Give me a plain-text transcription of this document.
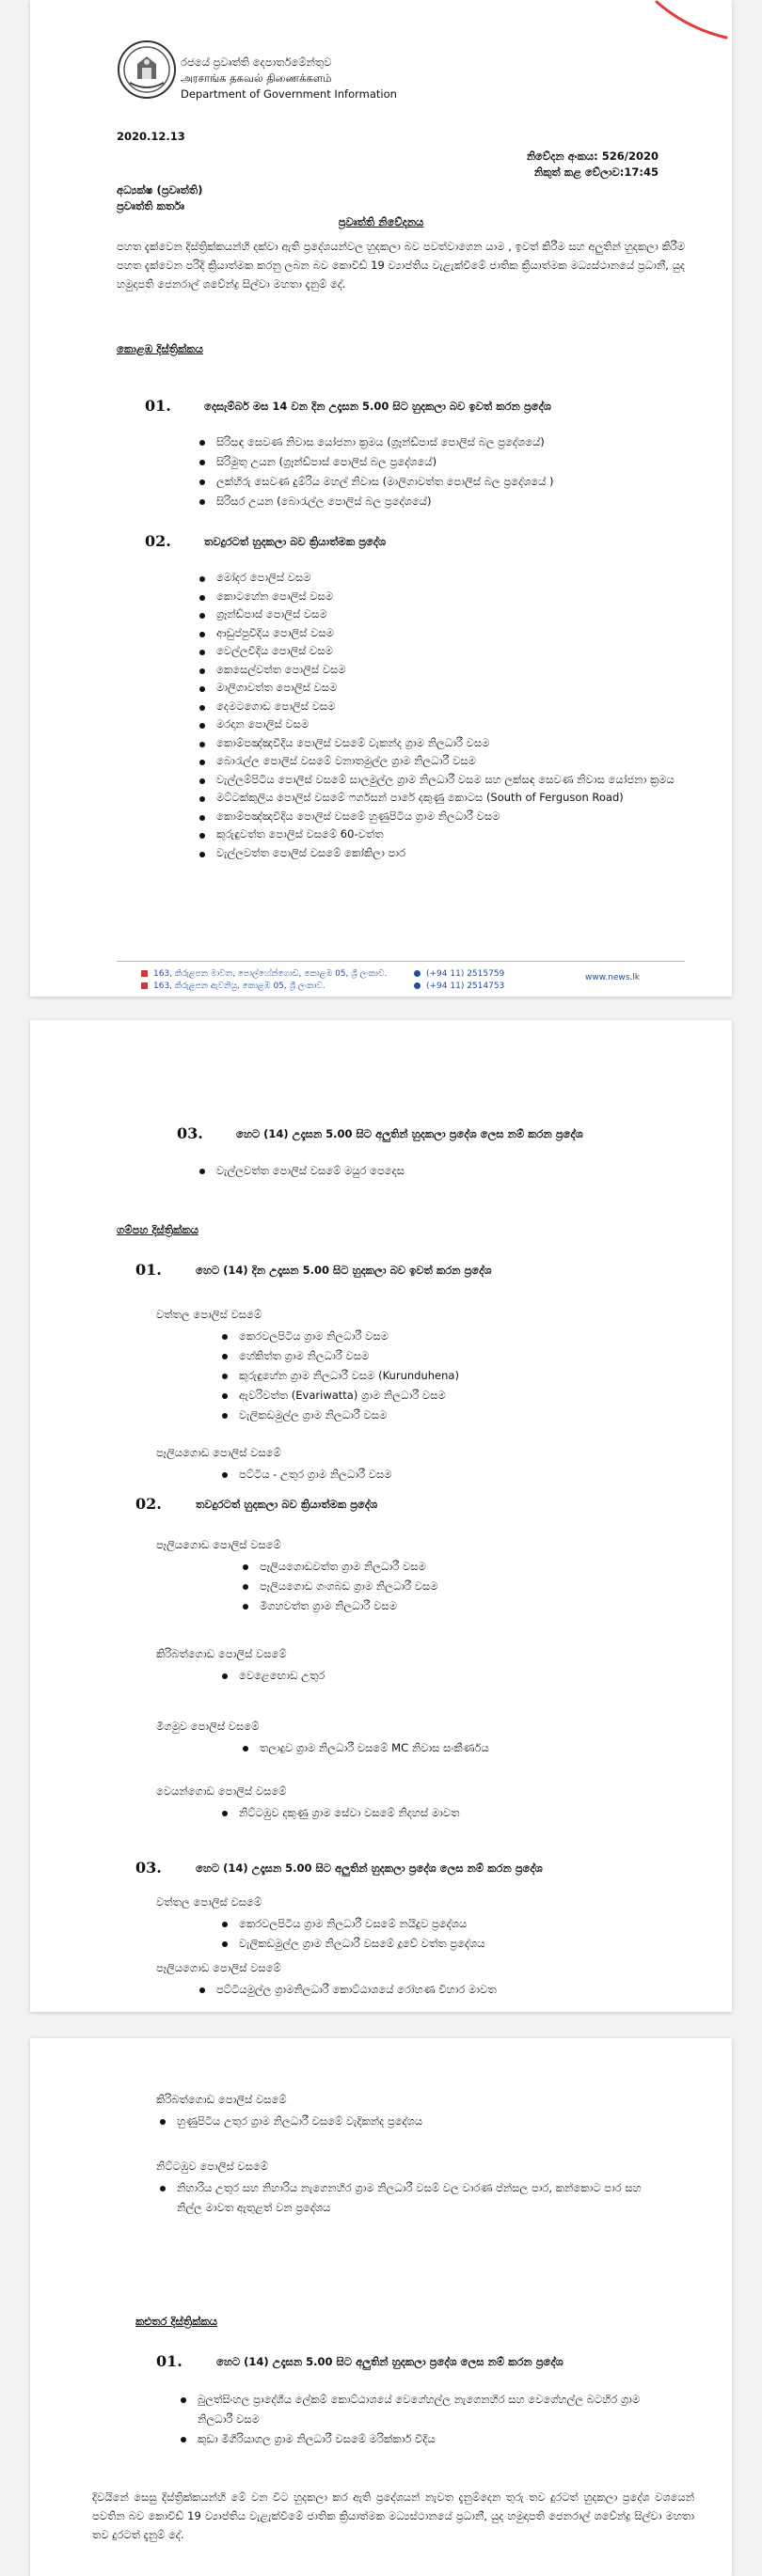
රජයේ ප්‍රවෘත්ති දෙපාර්තමේන්තුව
அரசாங்க தகவல் திணைக்களம்
Department of Government Information
2020.12.13
නිවේදන අංකය: 526/2020
නිකුත් කළ වේලාව:17:45
අධ්‍යක්ෂ (ප්‍රවෘත්ති)
ප්‍රවෘත්ති කර්තෘ
ප්‍රවෘත්ති නිවේදනය
පහත දැක්වෙන දිස්ත්‍රික්කයන්හි දක්වා ඇති ප්‍රදේශයන්වල හුදකලා බව පවත්වාගෙන යාම , ඉවත් කිරීම සහ අලුතින් හුදකලා කිරීම පහත දැක්වෙන පරිදි ක්‍රියාත්මක කරනු ලබන බව කොවිඩ් 19 ව්‍යාප්තිය වැළැක්වීමේ ජාතික ක්‍රියාත්මක මධ්‍යස්ථානයේ ප්‍රධානී, යුද හමුදාපති ජෙනරාල් ශවේන්ද්‍ර සිල්වා මහතා දැනුම් දේ.
කොළඹ දිස්ත්‍රික්කය
01.	දෙසැම්බර් මස 14 වන දින උදෑසන 5.00 සිට හුදකලා බව ඉවත් කරන ප්‍රදේශ
සිරිසඳ සෙවණ නිවාස යෝජනා ක්‍රමය (ග්‍රෑන්ඩ්පාස් පොලිස් බල ප්‍රදේශයේ)
සිරිමුතු උයන (ග්‍රෑන්ඩ්පාස් පොලිස් බල ප්‍රදේශයේ)
ලක්හිරු සෙවණ දුම්රිය මහල් නිවාස (මාලිගාවත්ත පොලිස් බල ප්‍රදේශයේ )
සිරිසර උයන (බොරැල්ල පොලිස් බල ප්‍රදේශයේ)
02.	තවදුරටත් හුදකලා බව ක්‍රියාත්මක ප්‍රදේශ
මෝදර පොලිස් වසම
කොටහේන පොලිස් වසම
ග්‍රෑන්ඩ්පාස් පොලිස් වසම
ආඩුප්පුවීදිය පොලිස් වසම
වෙල්ලවීදිය පොලිස් වසම
කෙසෙල්වත්ත පොලිස් වසම
මාලිගාවත්ත පොලිස් වසම
දෙමටගොඩ පොලිස් වසම
මරදාන පොලිස් වසම
කොම්පඤ්ඤවීදිය පොලිස් වසමේ වැකන්ද ග්‍රාම නිලධාරී වසම
බොරැල්ල පොලිස් වසමේ වනාතමුල්ල ග්‍රාම නිලධාරී වසම
වැල්ලම්පිටිය පොලිස් වසමේ සාලමුල්ල ග්‍රාම නිලධාරී වසම සහ ලක්සඳ සෙවණ නිවාස යෝජනා ක්‍රමය
මට්ටක්කුලිය පොලිස් වසමේ ෆර්ගසන් පාරේ දකුණු කොටස (South of Ferguson Road)
කොම්පඤ්ඤවීදිය පොලිස් වසමේ හුණුපිටිය ග්‍රාම නිලධාරී වසම
කුරුඳුවත්ත පොලිස් වසමේ 60-වත්ත
වැල්ලවත්ත පොලිස් වසමේ කෝකිලා පාර
163, කිරුළපන මාවත, පොල්හේන්ගොඩ, කොළඹ 05, ශ්‍රී ලංකාව.
163, කිරුළපන ඇවනියු, කොළඹ 05, ශ්‍රී ලංකාව.
(+94 11) 2515759
(+94 11) 2514753
www.news.lk
03.	හෙට (14) උදෑසන 5.00 සිට අලුතින් හුදකලා ප්‍රදේශ ලෙස නම් කරන ප්‍රදේශ
වැල්ලවත්ත පොලිස් වසමේ මයුර පෙදෙස
ගම්පහ දිස්ත්‍රික්කය
01.	හෙට (14) දින උදෑසන 5.00 සිට හුදකලා බව ඉවත් කරන ප්‍රදේශ
වත්තල පොලිස් වසමේ
කෙරවලපිටිය ග්‍රාම නිලධාරී වසම
හේකිත්ත ග්‍රාම නිලධාරී වසම
කුරුඳුහේන ග්‍රාම නිලධාරී වසම (Kurunduhena)
ඇවරිවත්ත (Evariwatta) ග්‍රාම නිලධාරී වසම
වැලිකඩමුල්ල ග්‍රාම නිලධාරී වසම
පෑලියගොඩ පොලිස් වසමේ
පට්ටිය - උතුර ග්‍රාම නිලධාරී වසම
02.	තවදුරටත් හුදකලා බව ක්‍රියාත්මක ප්‍රදේශ
පෑලියගොඩ පොලිස් වසමේ
පෑලියගොඩවත්ත ග්‍රාම නිලධාරී වසම
පෑලියගොඩ ගංගබඩ ග්‍රාම නිලධාරී වසම
මීගහවත්ත ග්‍රාම නිලධාරී වසම
කිරිබත්ගොඩ පොලිස් වසමේ
වෙළෙඟොඩ උතුර
මීගමුව පොලිස් වසමේ
තලාදුව ග්‍රාම නිලධාරී වසමේ MC නිවාස සංකීර්ණය
වෙයන්ගොඩ පොලිස් වසමේ
නිට්ටඹුව දකුණු ග්‍රාම සේවා වසමේ නිදහස් මාවත
03.	හෙට (14) උදෑසන 5.00 සිට අලුතින් හුදකලා ප්‍රදේශ ලෙස නම් කරන ප්‍රදේශ
වත්තල පොලිස් වසමේ
කෙරවලපිටිය ග්‍රාම නිලධාරී වසමේ නයිදුව ප්‍රදේශය
වැලිකඩමුල්ල ග්‍රාම නිලධාරී වසමේ දූවේ වත්ත ප්‍රදේශය
පෑලියගොඩ පොලිස් වසමේ
පට්ටියමුල්ල ග්‍රාමනිලධාරී කොට්ඨාශයේ රෝහණ විහාර මාවත
කිරිබත්ගොඩ පොලිස් වසමේ
හුණුපිටිය උතුර ග්‍රාම නිලධාරී වසමේ වැදිකන්ද ප්‍රදේශය
නිට්ටඹුව පොලිස් වසමේ
නිහාරිය උතුර සහ නිහාරිය නැගෙනහිර ග්‍රාම නිලධාරී වසම් වල වාරණ ප්න්සල පාර, කන්කොට පාර සහ නිල්ල මාවත ඇතුළත් වන ප්‍රදේශය
කළුතර දිස්ත්‍රික්කය
01.	හෙට (14) උදෑසන 5.00 සිට අලුතින් හුදකලා ප්‍රදේශ ලෙස නම් කරන ප්‍රදේශ
බුලත්සිංහල ප්‍රාදේශීය ලේකම් කොට්ඨාශයේ වෙගේහල්ල නැගෙනහිර සහ වෙගේහල්ල බටහිර ග්‍රාම නිලධාරී වසම
කුඩා මීගිරියාගල ග්‍රාම නිලධාරී වසමේ මරික්කාර් වීදිය
දිවයිනේ සෙසු දිස්ත්‍රික්කයන්හි මේ වන විට හුදකලා කර ඇති ප්‍රදේශයන් නැවත දැනුම්දෙන තුරු තව දුරටත් හුදකලා ප්‍රදේශ වශයෙන් පවතින බව කොවිඩ් 19 ව්‍යාප්තිය වැළැක්වීමේ ජාතික ක්‍රියාත්මක මධ්‍යස්ථානයේ ප්‍රධානී, යුද හමුදාපති ජෙනරාල් ශවේන්ද්‍ර සිල්වා මහතා තව දුරටත් දැනුම් දේ.
